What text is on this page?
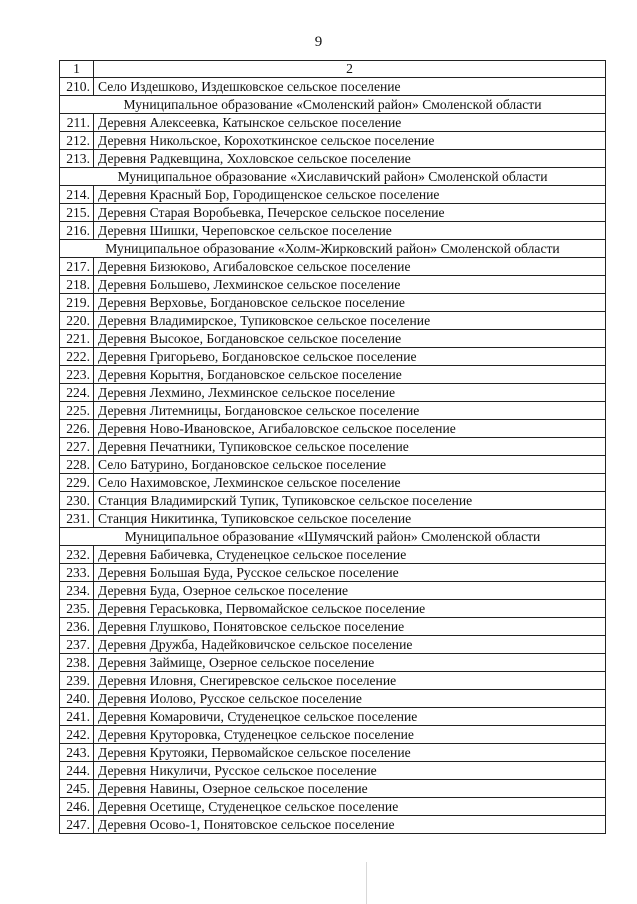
9
1	2
210.	Село Издешково, Издешковское сельское поселение
Муниципальное образование «Смоленский район» Смоленской области	
211.	Деревня Алексеевка, Катынское сельское поселение
212.	Деревня Никольское, Корохоткинское сельское поселение
213.	Деревня Радкевщина, Хохловское сельское поселение
Муниципальное образование «Хиславичский район» Смоленской области	
214.	Деревня Красный Бор, Городищенское сельское поселение
215.	Деревня Старая Воробьевка, Печерское сельское поселение
216.	Деревня Шишки, Череповское сельское поселение
Муниципальное образование «Холм-Жирковский район» Смоленской области	
217.	Деревня Бизюково, Агибаловское сельское поселение
218.	Деревня Большево, Лехминское сельское поселение
219.	Деревня Верховье, Богдановское сельское поселение
220.	Деревня Владимирское, Тупиковское сельское поселение
221.	Деревня Высокое, Богдановское сельское поселение
222.	Деревня Григорьево, Богдановское сельское поселение
223.	Деревня Корытня, Богдановское сельское поселение
224.	Деревня Лехмино, Лехминское сельское поселение
225.	Деревня Литемницы, Богдановское сельское поселение
226.	Деревня Ново-Ивановское, Агибаловское сельское поселение
227.	Деревня Печатники, Тупиковское сельское поселение
228.	Село Батурино, Богдановское сельское поселение
229.	Село Нахимовское, Лехминское сельское поселение
230.	Станция Владимирский Тупик, Тупиковское сельское поселение
231.	Станция Никитинка, Тупиковское сельское поселение
Муниципальное образование «Шумячский район» Смоленской области	
232.	Деревня Бабичевка, Студенецкое сельское поселение
233.	Деревня Большая Буда, Русское сельское поселение
234.	Деревня Буда, Озерное сельское поселение
235.	Деревня Гераськовка, Первомайское сельское поселение
236.	Деревня Глушково, Понятовское сельское поселение
237.	Деревня Дружба, Надейковичское сельское поселение
238.	Деревня Займище, Озерное сельское поселение
239.	Деревня Иловня, Снегиревское сельское поселение
240.	Деревня Иолово, Русское сельское поселение
241.	Деревня Комаровичи, Студенецкое сельское поселение
242.	Деревня Круторовка, Студенецкое сельское поселение
243.	Деревня Крутояки, Первомайское сельское поселение
244.	Деревня Никуличи, Русское сельское поселение
245.	Деревня Навины, Озерное сельское поселение
246.	Деревня Осетище, Студенецкое сельское поселение
247.	Деревня Осово-1, Понятовское сельское поселение
